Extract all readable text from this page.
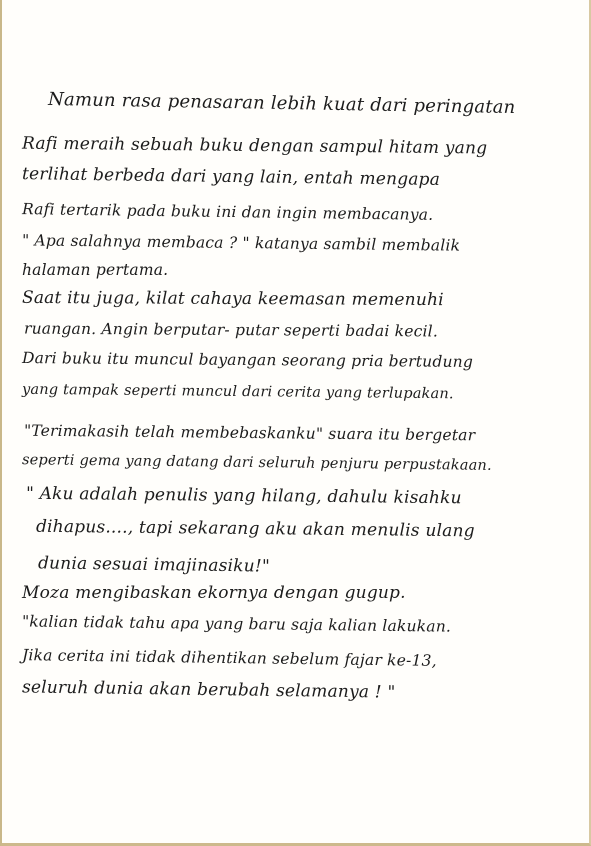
Namun rasa penasaran lebih kuat dari peringatan

Rafi meraih sebuah buku dengan sampul hitam yang

terlihat berbeda dari yang lain, entah mengapa

Rafi tertarik pada buku ini dan ingin membacanya.

" Apa salahnya membaca ? " katanya sambil membalik

halaman pertama.

Saat itu juga, kilat cahaya keemasan memenuhi

ruangan. Angin berputar- putar seperti badai kecil.

Dari buku itu muncul bayangan seorang pria bertudung

yang tampak seperti muncul dari cerita yang terlupakan.

"Terimakasih telah membebaskanku" suara itu bergetar

seperti gema yang datang dari seluruh penjuru perpustakaan.

" Aku adalah penulis yang hilang, dahulu kisahku

dihapus...., tapi sekarang aku akan menulis ulang

dunia sesuai imajinasiku!"

Moza mengibaskan ekornya dengan gugup.

"kalian tidak tahu apa yang baru saja kalian lakukan.

Jika cerita ini tidak dihentikan sebelum fajar ke-13,

seluruh dunia akan berubah selamanya ! "
